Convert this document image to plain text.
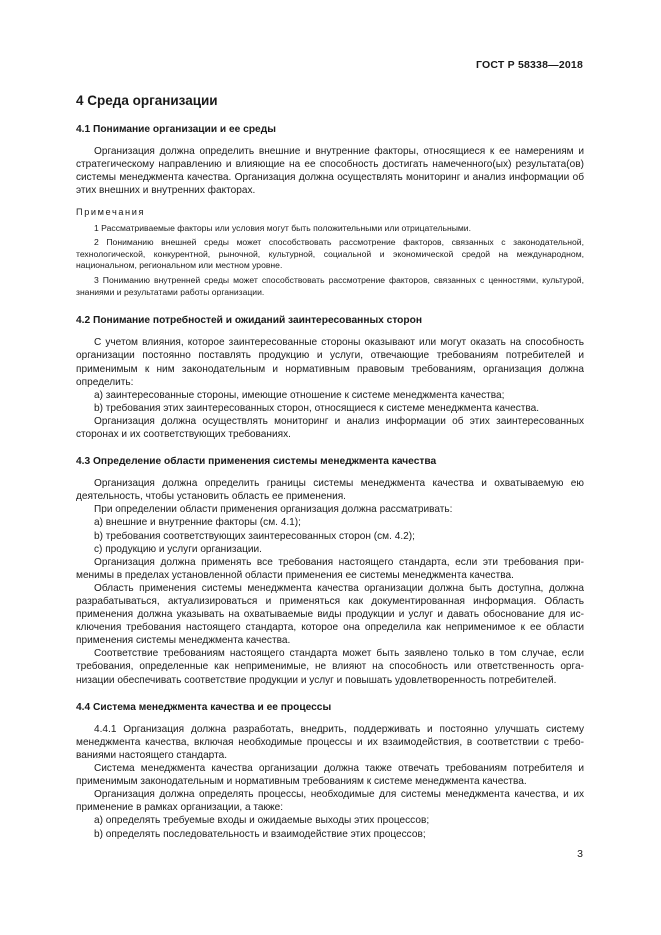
ГОСТ Р 58338—2018
4 Среда организации
4.1 Понимание организации и ее среды

Организация должна определить внешние и внутренние факторы, относящиеся к ее намерениям и стратегическому направлению и влияющие на ее способность достигать намеченного(ых) результата(ов) системы менеджмента качества. Организация должна осуществлять мониторинг и анализ информации об этих внешних и внутренних факторах.

Примечания

1 Рассматриваемые факторы или условия могут быть положительными или отрицательными.

2 Пониманию внешней среды может способствовать рассмотрение факторов, связанных с законодательной, технологической, конкурентной, рыночной, культурной, социальной и экономической средой на международном, национальном, региональном или местном уровне.

3 Пониманию внутренней среды может способствовать рассмотрение факторов, связанных с ценностями, культурой, знаниями и результатами работы организации.

4.2 Понимание потребностей и ожиданий заинтересованных сторон

С учетом влияния, которое заинтересованные стороны оказывают или могут оказать на способность организации постоянно поставлять продукцию и услуги, отвечающие требованиям потребителей и применимым к ним законодательным и нормативным правовым требованиям, организация должна определить:

a) заинтересованные стороны, имеющие отношение к системе менеджмента качества;

b) требования этих заинтересованных сторон, относящиеся к системе менеджмента качества.

Организация должна осуществлять мониторинг и анализ информации об этих заинтересованных сторонах и их соответствующих требованиях.

4.3 Определение области применения системы менеджмента качества

Организация должна определить границы системы менеджмента качества и охватываемую ею деятельность, чтобы установить область ее применения.

При определении области применения организация должна рассматривать:

a) внешние и внутренние факторы (см. 4.1);

b) требования соответствующих заинтересованных сторон (см. 4.2);

c) продукцию и услуги организации.

Организация должна применять все требования настоящего стандарта, если эти требования применимы в пределах установленной области применения ее системы менеджмента качества.

Область применения системы менеджмента качества организации должна быть доступна, должна разрабатываться, актуализироваться и применяться как документированная информация. Область применения должна указывать на охватываемые виды продукции и услуг и давать обоснование для исключения требования настоящего стандарта, которое она определила как неприменимое к ее области применения системы менеджмента качества.

Соответствие требованиям настоящего стандарта может быть заявлено только в том случае, если требования, определенные как неприменимые, не влияют на способность или ответственность организации обеспечивать соответствие продукции и услуг и повышать удовлетворенность потребителей.

4.4 Система менеджмента качества и ее процессы

4.4.1 Организация должна разработать, внедрить, поддерживать и постоянно улучшать систему менеджмента качества, включая необходимые процессы и их взаимодействия, в соответствии с требованиями настоящего стандарта.

Система менеджмента качества организации должна также отвечать требованиям потребителя и применимым законодательным и нормативным требованиям к системе менеджмента качества.

Организация должна определять процессы, необходимые для системы менеджмента качества, и их применение в рамках организации, а также:

a) определять требуемые входы и ожидаемые выходы этих процессов;

b) определять последовательность и взаимодействие этих процессов;

3
